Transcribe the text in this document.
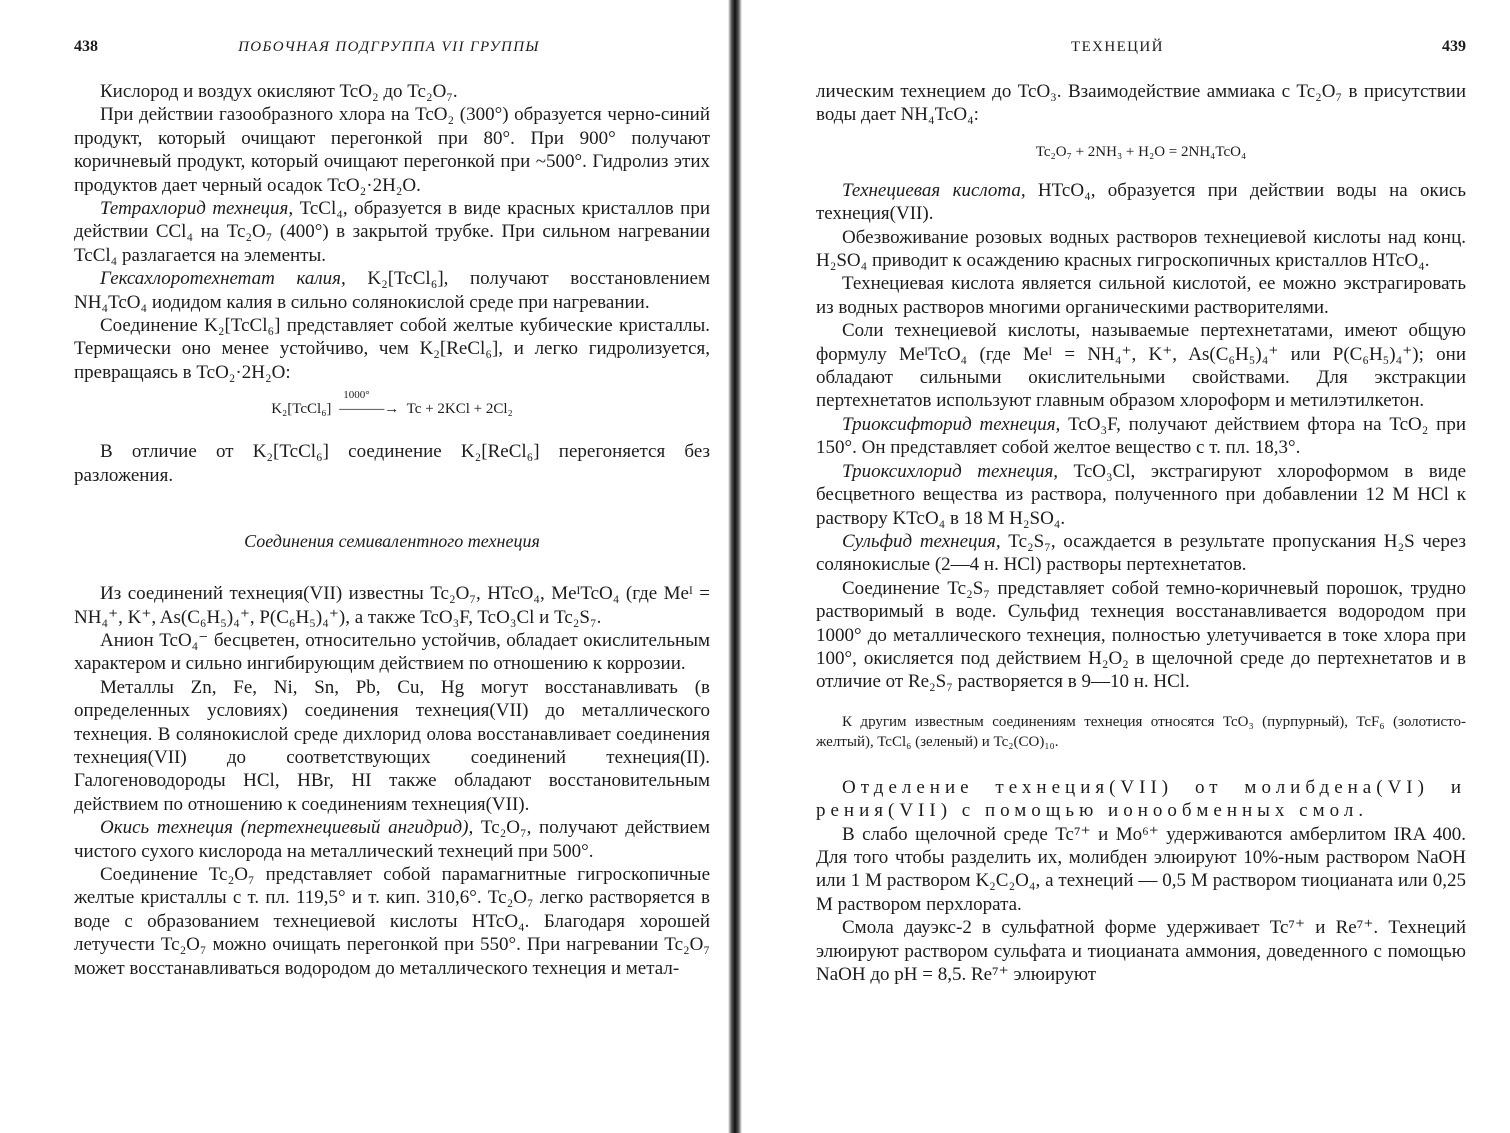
438	ПОБОЧНАЯ ПОДГРУППА VII ГРУППЫ

Кислород и воздух окисляют TcO₂ до Tc₂O₇.

При действии газообразного хлора на TcO₂ (300°) образуется черно-синий продукт, который очищают перегонкой при 80°. При 900° получают коричневый продукт, который очищают перегонкой при ~500°. Гидролиз этих продуктов дает черный осадок TcO₂·2H₂O.

Тетрахлорид технеция, TcCl₄, образуется в виде красных кристаллов при действии CCl₄ на Tc₂O₇ (400°) в закрытой трубке. При сильном нагревании TcCl₄ разлагается на элементы.

Гексахлоротехнетат калия, K₂[TcCl₆], получают восстановлением NH₄TcO₄ иодидом калия в сильно солянокислой среде при нагревании.

Соединение K₂[TcCl₆] представляет собой желтые кубические кристаллы. Термически оно менее устойчиво, чем K₂[ReCl₆], и легко гидролизуется, превращаясь в TcO₂·2H₂O:

K₂[TcCl₆]
1000°
———→ Tc + 2KCl + 2Cl₂

В отличие от K₂[TcCl₆] соединение K₂[ReCl₆] перегоняется без разложения.

Соединения семивалентного технеция

Из соединений технеция(VII) известны Tc₂O₇, HTcO₄, MeᴵTcO₄ (где Meᴵ = NH₄⁺, K⁺, As(C₆H₅)₄⁺, P(C₆H₅)₄⁺), а также TcO₃F, TcO₃Cl и Tc₂S₇.

Анион TcO₄⁻ бесцветен, относительно устойчив, обладает окислительным характером и сильно ингибирующим действием по отношению к коррозии.

Металлы Zn, Fe, Ni, Sn, Pb, Cu, Hg могут восстанавливать (в определенных условиях) соединения технеция(VII) до металлического технеция. В солянокислой среде дихлорид олова восстанавливает соединения технеция(VII) до соответствующих соединений технеция(II). Галогеноводороды HCl, HBr, HI также обладают восстановительным действием по отношению к соединениям технеция(VII).

Окись технеция (пертехнециевый ангидрид), Tc₂O₇, получают действием чистого сухого кислорода на металлический технеций при 500°.

Соединение Tc₂O₇ представляет собой парамагнитные гигроскопичные желтые кристаллы с т. пл. 119,5° и т. кип. 310,6°. Tc₂O₇ легко растворяется в воде с образованием технециевой кислоты HTcO₄. Благодаря хорошей летучести Tc₂O₇ можно очищать перегонкой при 550°. При нагревании Tc₂O₇ может восстанавливаться водородом до металлического технеция и метал-

ТЕХНЕЦИЙ	439

лическим технецием до TcO₃. Взаимодействие аммиака с Tc₂O₇ в присутствии воды дает NH₄TcO₄:

Tc₂O₇ + 2NH₃ + H₂O = 2NH₄TcO₄

Технециевая кислота, HTcO₄, образуется при действии воды на окись технеция(VII).

Обезвоживание розовых водных растворов технециевой кислоты над конц. H₂SO₄ приводит к осаждению красных гигроскопичных кристаллов HTcO₄.

Технециевая кислота является сильной кислотой, ее можно экстрагировать из водных растворов многими органическими растворителями.

Соли технециевой кислоты, называемые пертехнетатами, имеют общую формулу MeᴵTcO₄ (где Meᴵ = NH₄⁺, K⁺, As(C₆H₅)₄⁺ или P(C₆H₅)₄⁺); они обладают сильными окислительными свойствами. Для экстракции пертехнетатов используют главным образом хлороформ и метилэтилкетон.

Триоксифторид технеция, TcO₃F, получают действием фтора на TcO₂ при 150°. Он представляет собой желтое вещество с т. пл. 18,3°.

Триоксихлорид технеция, TcO₃Cl, экстрагируют хлороформом в виде бесцветного вещества из раствора, полученного при добавлении 12 M HCl к раствору KTcO₄ в 18 M H₂SO₄.

Сульфид технеция, Tc₂S₇, осаждается в результате пропускания H₂S через солянокислые (2—4 н. HCl) растворы пертехнетатов.

Соединение Tc₂S₇ представляет собой темно-коричневый порошок, трудно растворимый в воде. Сульфид технеция восстанавливается водородом при 1000° до металлического технеция, полностью улетучивается в токе хлора при 100°, окисляется под действием H₂O₂ в щелочной среде до пертехнетатов и в отличие от Re₂S₇ растворяется в 9—10 н. HCl.

К другим известным соединениям технеция относятся TcO₃ (пурпурный), TcF₆ (золотисто-желтый), TcCl₆ (зеленый) и Tc₂(CO)₁₀.

Отделение технеция(VII) от молибдена(VI) и рения(VII) с помощью ионообменных смол.

В слабо щелочной среде Tc⁷⁺ и Mo⁶⁺ удерживаются амберлитом IRA 400. Для того чтобы разделить их, молибден элюируют 10%-ным раствором NaOH или 1 M раствором K₂C₂O₄, а технеций — 0,5 M раствором тиоцианата или 0,25 M раствором перхлората.

Смола дауэкс-2 в сульфатной форме удерживает Tc⁷⁺ и Re⁷⁺. Технеций элюируют раствором сульфата и тиоцианата аммония, доведенного с помощью NaOH до pH = 8,5. Re⁷⁺ элюируют
